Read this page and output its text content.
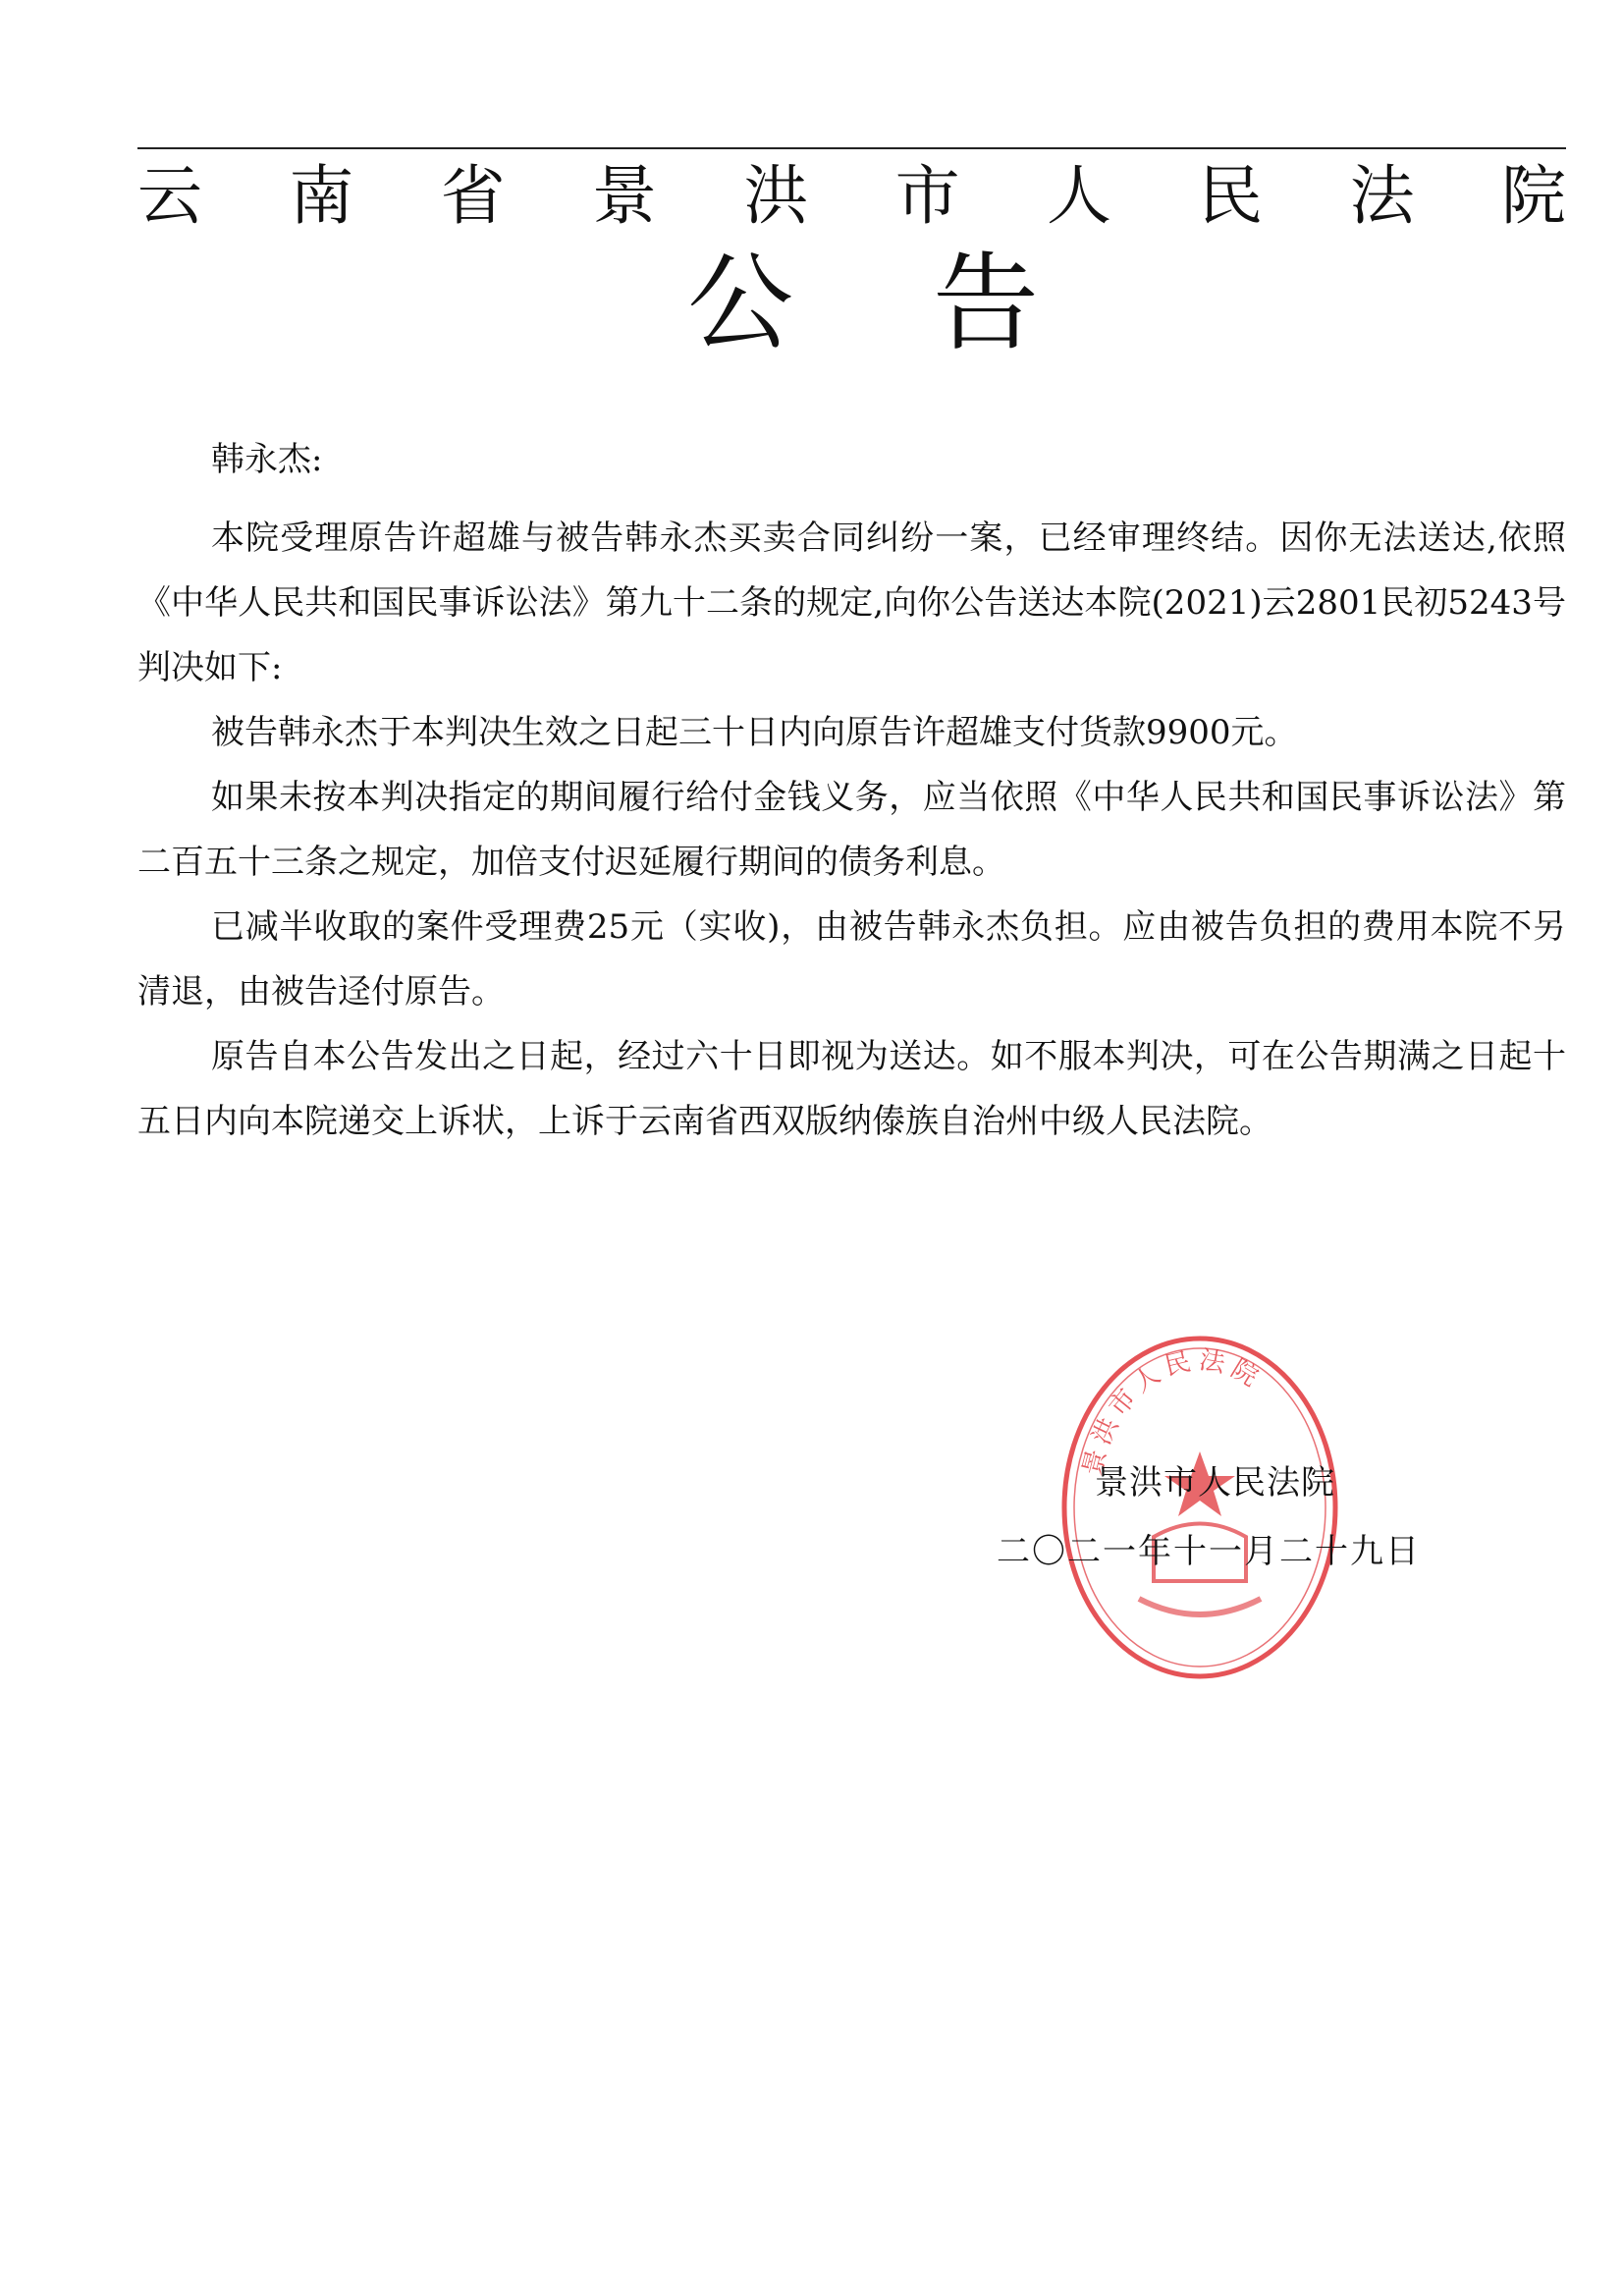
云 南 省 景 洪 市 人 民 法 院
公 告
韩永杰:

本院受理原告许超雄与被告韩永杰买卖合同纠纷一案，已经审理终结。因你无法送达,依照《中华人民共和国民事诉讼法》第九十二条的规定,向你公告送达本院(2021)云2801民初5243号判决如下:

被告韩永杰于本判决生效之日起三十日内向原告许超雄支付货款9900元。

如果未按本判决指定的期间履行给付金钱义务，应当依照《中华人民共和国民事诉讼法》第二百五十三条之规定，加倍支付迟延履行期间的债务利息。

已减半收取的案件受理费25元（实收)，由被告韩永杰负担。应由被告负担的费用本院不另清退，由被告迳付原告。

原告自本公告发出之日起，经过六十日即视为送达。如不服本判决，可在公告期满之日起十五日内向本院递交上诉状，上诉于云南省西双版纳傣族自治州中级人民法院。

景洪市人民法院
景洪市人民法院
二〇二一年十一月二十九日
